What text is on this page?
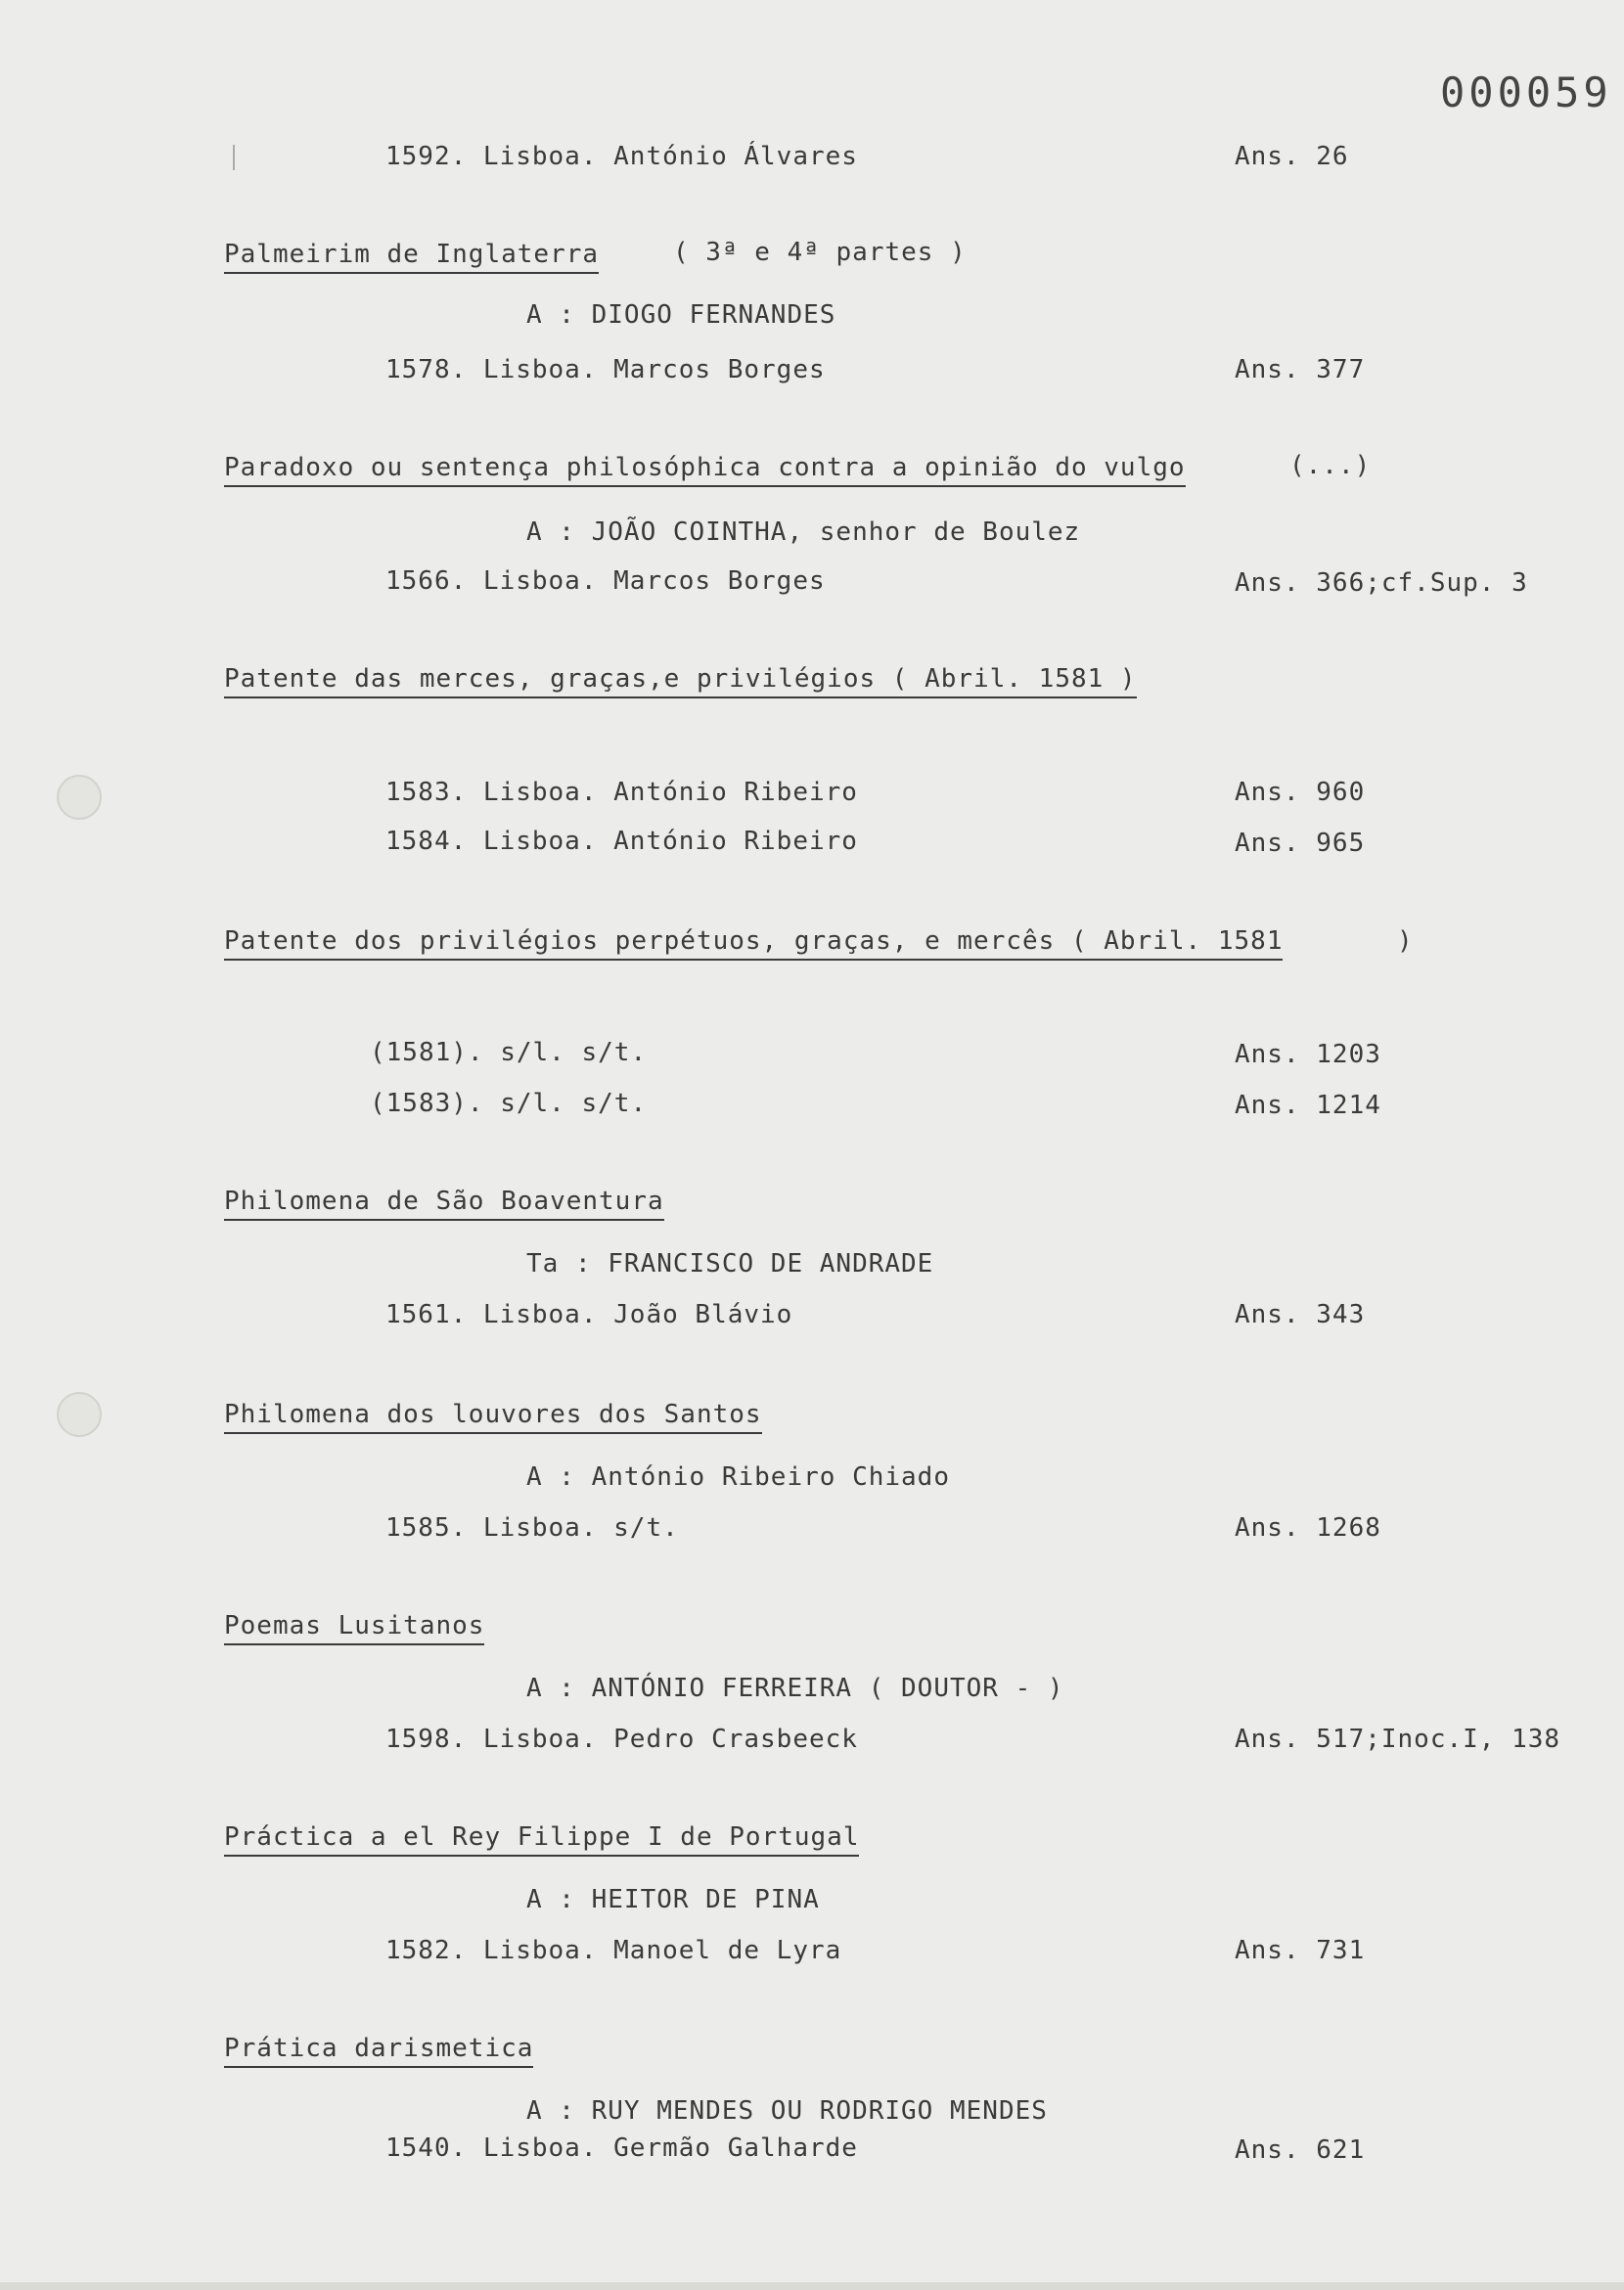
000059
1592. Lisboa. António Álvares	Ans. 26
Palmeirim de Inglaterra	( 3ª e 4ª partes )
A : DIOGO FERNANDES
1578. Lisboa. Marcos Borges	Ans. 377
Paradoxo ou sentença philosóphica contra a opinião do vulgo	(...)
A : JOÃO COINTHA, senhor de Boulez
1566. Lisboa. Marcos Borges	Ans. 366;cf.Sup. 3
Patente das merces, graças,e privilégios ( Abril. 1581 )
1583. Lisboa. António Ribeiro	Ans. 960
1584. Lisboa. António Ribeiro	Ans. 965
Patente dos privilégios perpétuos, graças, e mercês ( Abril. 1581	)
(1581). s/l. s/t.	Ans. 1203
(1583). s/l. s/t.	Ans. 1214
Philomena de São Boaventura
Ta : FRANCISCO DE ANDRADE
1561. Lisboa. João Blávio	Ans. 343
Philomena dos louvores dos Santos
A : António Ribeiro Chiado
1585. Lisboa. s/t.	Ans. 1268
Poemas Lusitanos
A : ANTÓNIO FERREIRA ( DOUTOR - )
1598. Lisboa. Pedro Crasbeeck	Ans. 517;Inoc.I, 138
Práctica a el Rey Filippe I de Portugal
A : HEITOR DE PINA
1582. Lisboa. Manoel de Lyra	Ans. 731
Prática darismetica
A : RUY MENDES OU RODRIGO MENDES
1540. Lisboa. Germão Galharde	Ans. 621
